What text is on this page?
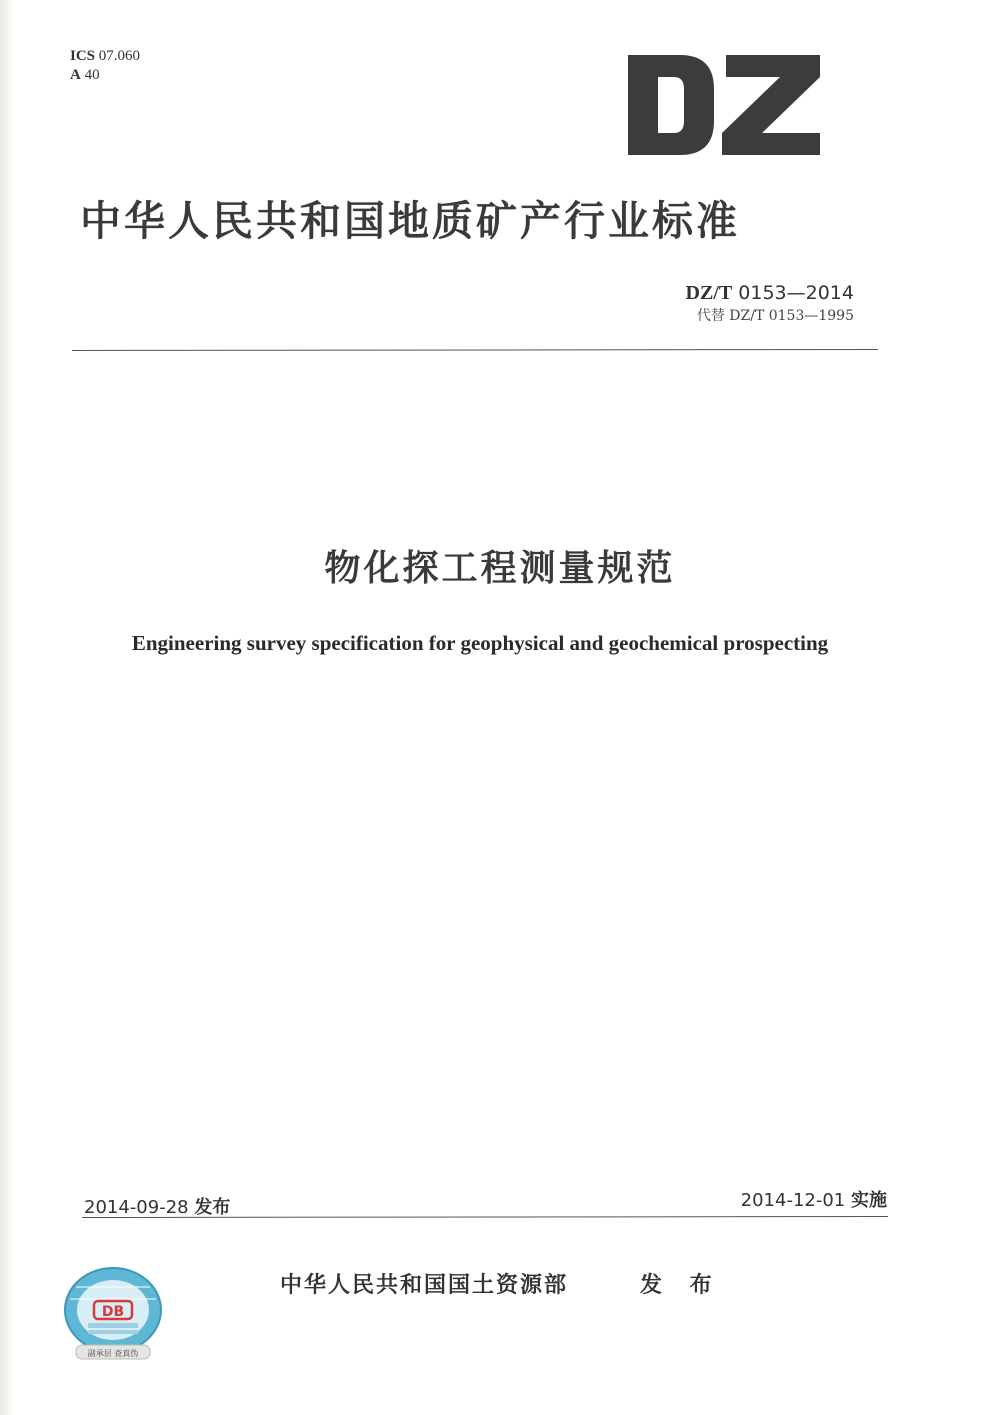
ICS 07.060
A 40
中华人民共和国地质矿产行业标准
DZ/T 0153—2014
代替 DZ/T 0153—1995
物化探工程测量规范
Engineering survey specification for geophysical and geochemical prospecting
2014-09-28 发布	2014-12-01 实施
中华人民共和国国土资源部	发 布
DB
副承层 查真伪
